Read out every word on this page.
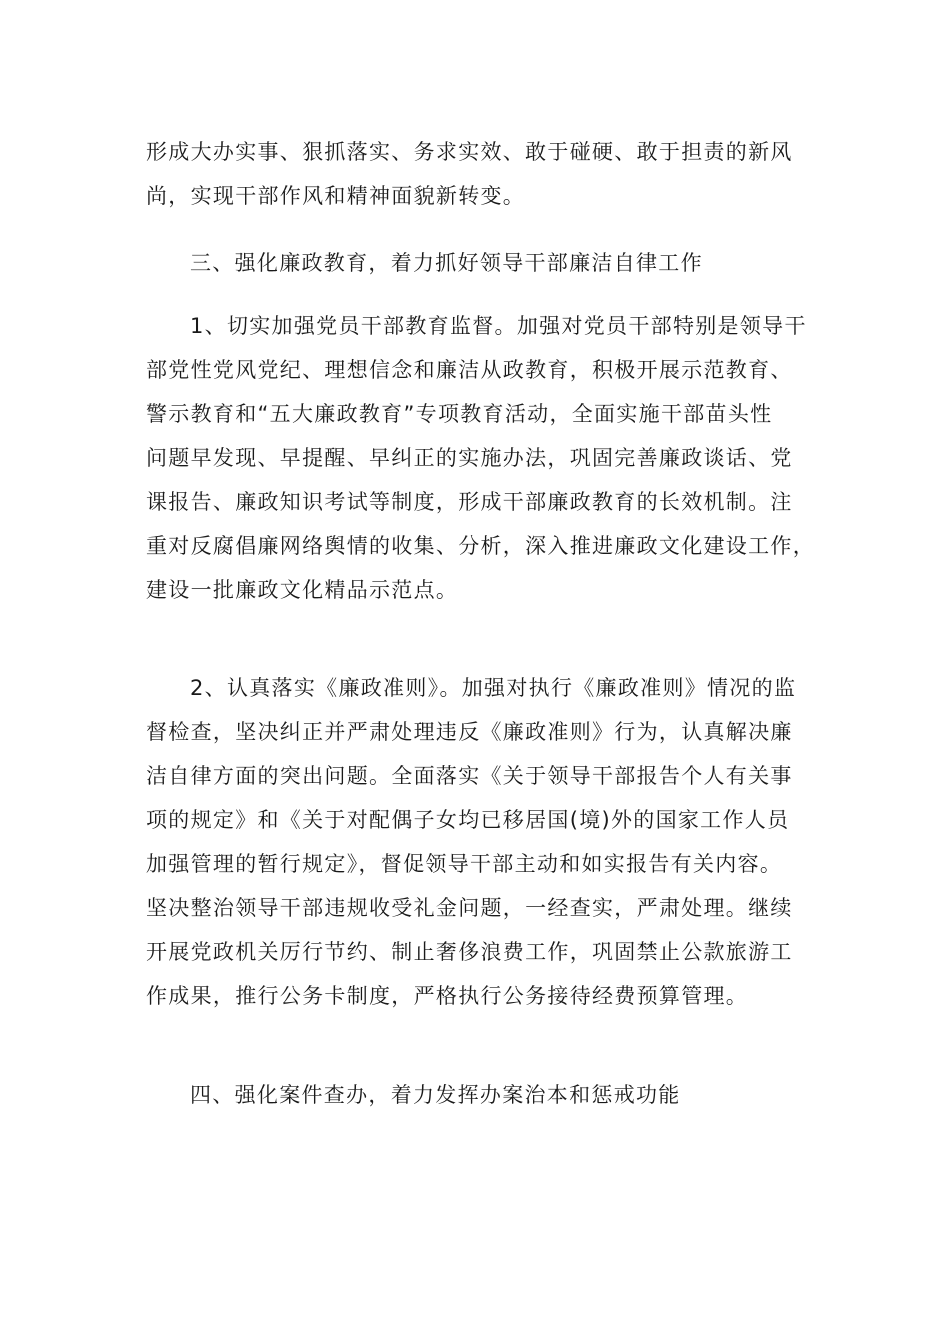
形成大办实事、狠抓落实、务求实效、敢于碰硬、敢于担责的新风
尚，实现干部作风和精神面貌新转变。
三、强化廉政教育，着力抓好领导干部廉洁自律工作
1、切实加强党员干部教育监督。加强对党员干部特别是领导干
部党性党风党纪、理想信念和廉洁从政教育，积极开展示范教育、
警示教育和“五大廉政教育”专项教育活动，全面实施干部苗头性
问题早发现、早提醒、早纠正的实施办法，巩固完善廉政谈话、党
课报告、廉政知识考试等制度，形成干部廉政教育的长效机制。注
重对反腐倡廉网络舆情的收集、分析，深入推进廉政文化建设工作，
建设一批廉政文化精品示范点。
2、认真落实《廉政准则》。加强对执行《廉政准则》情况的监
督检查，坚决纠正并严肃处理违反《廉政准则》行为，认真解决廉
洁自律方面的突出问题。全面落实《关于领导干部报告个人有关事
项的规定》和《关于对配偶子女均已移居国(境)外的国家工作人员
加强管理的暂行规定》，督促领导干部主动和如实报告有关内容。
坚决整治领导干部违规收受礼金问题，一经查实，严肃处理。继续
开展党政机关厉行节约、制止奢侈浪费工作，巩固禁止公款旅游工
作成果，推行公务卡制度，严格执行公务接待经费预算管理。
四、强化案件查办，着力发挥办案治本和惩戒功能
